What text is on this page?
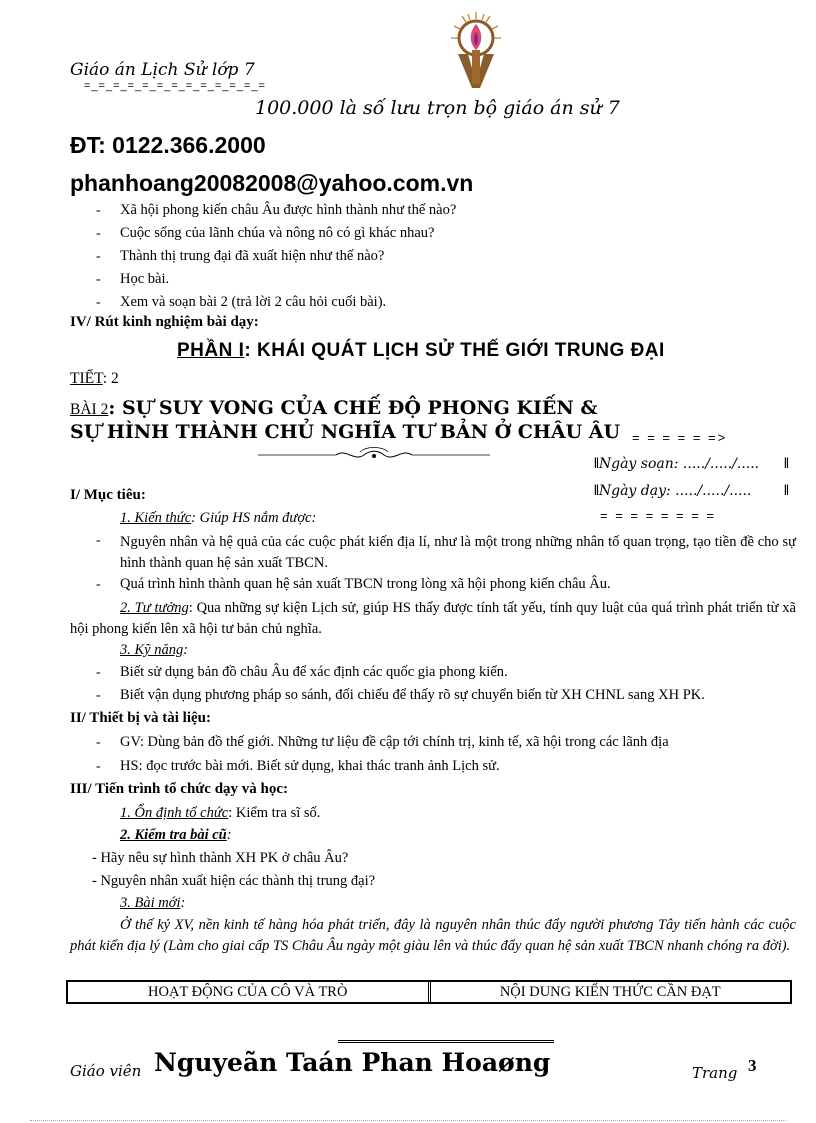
Giáo án Lịch Sử lớp 7
=_=_=_=_=_=_=_=_=_=_=_=_=
100.000 là số lưu trọn bộ giáo án sử 7
ĐT: 0122.366.2000
phanhoang20082008@yahoo.com.vn
- Xã hội phong kiến châu Âu được hình thành như thế nào?
- Cuộc sống của lãnh chúa và nông nô có gì khác nhau?
- Thành thị trung đại đã xuất hiện như thế nào?
- Học bài.
- Xem và soạn bài 2 (trả lời 2 câu hỏi cuối bài).
IV/ Rút kinh nghiệm bài dạy:
PHẦN I: KHÁI QUÁT LỊCH SỬ THẾ GIỚI TRUNG ĐẠI
TIẾT: 2
BÀI 2: SỰ SUY VONG CỦA CHẾ ĐỘ PHONG KIẾN &
SỰ HÌNH THÀNH CHỦ NGHĨA TƯ BẢN Ở CHÂU ÂU = = = = = =>
‖Ngày soạn: ...../...../..... ‖
‖Ngày dạy: ...../...../..... ‖
= = = = = = = =
I/ Mục tiêu:
1. Kiến thức: Giúp HS nắm được:
- Nguyên nhân và hệ quả của các cuộc phát kiến địa lí, như là một trong những nhân tố quan trọng, tạo tiền đề cho sự hình thành quan hệ sản xuất TBCN.
- Quá trình hình thành quan hệ sản xuất TBCN trong lòng xã hội phong kiến châu Âu.
2. Tư tưởng: Qua những sự kiện Lịch sử, giúp HS thấy được tính tất yếu, tính quy luật của quá trình phát triển từ xã hội phong kiến lên xã hội tư bản chủ nghĩa.
3. Kỹ năng:
- Biết sử dụng bản đồ châu Âu để xác định các quốc gia phong kiến.
- Biết vận dụng phương pháp so sánh, đối chiếu để thấy rõ sự chuyển biến từ XH CHNL sang XH PK.
II/ Thiết bị và tài liệu:
- GV: Dùng bản đồ thế giới. Những tư liệu đề cập tới chính trị, kinh tế, xã hội trong các lãnh địa
- HS: đọc trước bài mới. Biết sử dụng, khai thác tranh ảnh Lịch sử.
III/ Tiến trình tổ chức dạy và học:
1. Ổn định tổ chức: Kiểm tra sĩ số.
2. Kiểm tra bài cũ:
- Hãy nêu sự hình thành XH PK ở châu Âu?
- Nguyên nhân xuất hiện các thành thị trung đại?
3. Bài mới:
Ở thế kỷ XV, nền kinh tế hàng hóa phát triển, đây là nguyên nhân thúc đẩy người phương Tây tiến hành các cuộc phát kiến địa lý (Làm cho giai cấp TS Châu Âu ngày một giàu lên và thúc đẩy quan hệ sản xuất TBCN nhanh chóng ra đời).
HOẠT ĐỘNG CỦA CÔ VÀ TRÒ	NỘI DUNG KIẾN THỨC CẦN ĐẠT
Giáo viên Nguyeãn Taán Phan Hoaøng	Trang 3
